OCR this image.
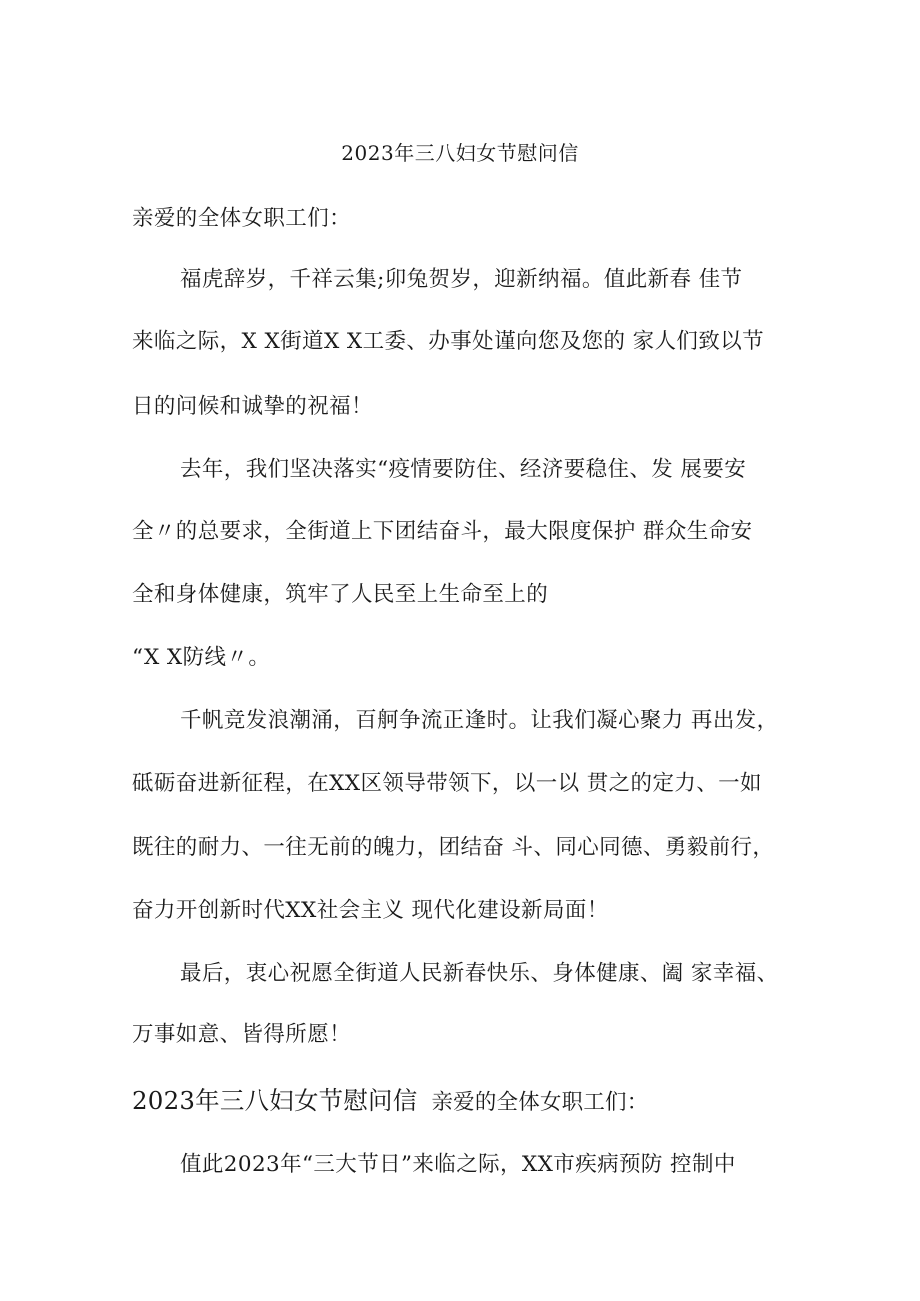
2023年三八妇女节慰问信
亲爱的全体女职工们：
福虎辞岁，千祥云集;卯兔贺岁，迎新纳福。值此新春 佳节
来临之际，X X街道X X工委、办事处谨向您及您的 家人们致以节
日的问候和诚挚的祝福！
去年，我们坚决落实“疫情要防住、经济要稳住、发 展要安
全〃的总要求，全街道上下团结奋斗，最大限度保护 群众生命安
全和身体健康，筑牢了人民至上生命至上的
“X X防线〃。
千帆竞发浪潮涌，百舸争流正逢时。让我们凝心聚力 再出发，
砥砺奋进新征程，在XX区领导带领下，以一以 贯之的定力、一如
既往的耐力、一往无前的魄力，团结奋 斗、同心同德、勇毅前行，
奋力开创新时代XX社会主义 现代化建设新局面！
最后，衷心祝愿全街道人民新春快乐、身体健康、阖 家幸福、
万事如意、皆得所愿！
2023年三八妇女节慰问信 亲爱的全体女职工们：
值此2023年“三大节日”来临之际，XX市疾病预防 控制中
